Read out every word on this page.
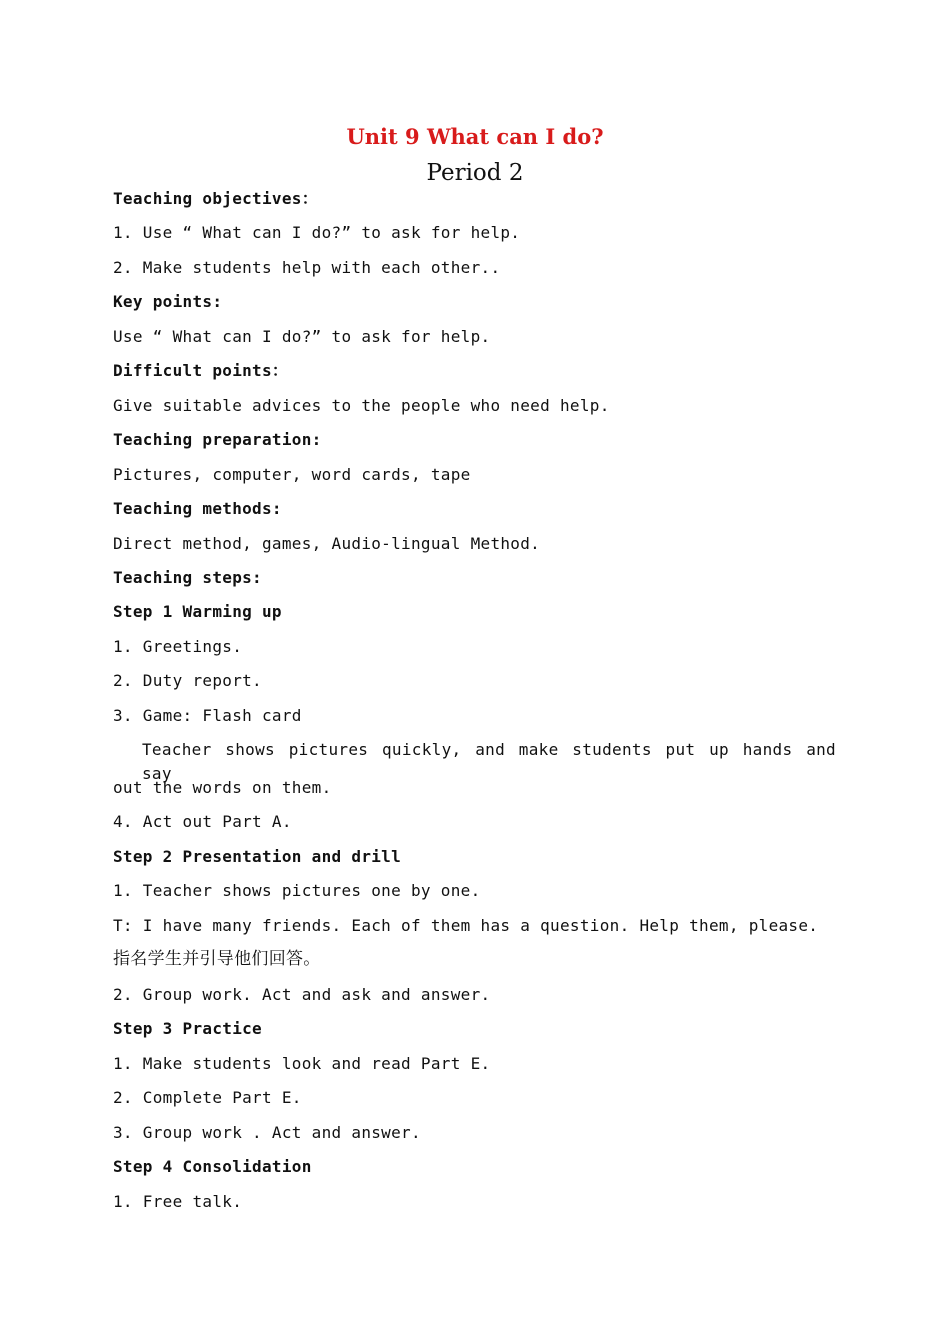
Unit 9 What can I do?
Period 2
Teaching objectives：
1. Use “ What can I do?” to ask for help.
2. Make students help with each other..
Key points:
Use “ What can I do?” to ask for help.
Difficult points：
Give suitable advices to the people who need help.
Teaching preparation:
Pictures, computer, word cards, tape
Teaching methods:
Direct method, games, Audio-lingual Method.
Teaching steps:
Step 1 Warming up
1. Greetings.
2. Duty report.
3. Game: Flash card
Teacher shows pictures quickly, and make students put up hands and say
out the words on them.
4. Act out Part A.
Step 2 Presentation and drill
1. Teacher shows pictures one by one.
T: I have many friends. Each of them has a question. Help them, please.
指名学生并引导他们回答。
2. Group work. Act and ask and answer.
Step 3 Practice
1. Make students look and read Part E.
2. Complete Part E.
3. Group work . Act and answer.
Step 4 Consolidation
1. Free talk.
